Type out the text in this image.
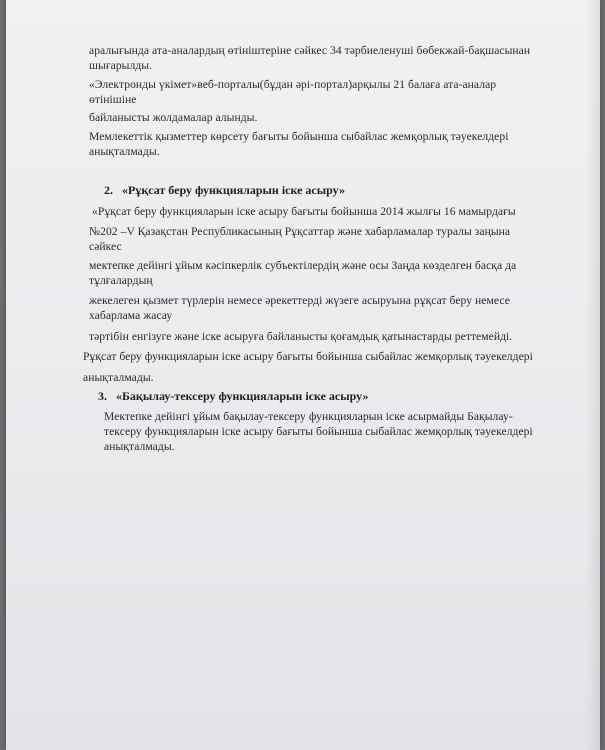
аралығында ата-аналардың өтініштеріне сәйкес 34 тәрбиеленуші бөбекжай-бақшасынан
шығарылды.
«Электронды үкімет»веб-порталы(бұдан әрі-портал)арқылы 21 балаға ата-аналар
өтінішіне
байланысты жолдамалар алынды.
Мемлекеттік қызметтер көрсету бағыты бойынша сыбайлас жемқорлық тәуекелдері
анықталмады.
2. «Рұқсат беру функцияларын іске асыру»
«Рұқсат беру функцияларын іске асыру бағыты бойынша 2014 жылғы 16 мамырдағы
№202 –V Қазақстан Республикасының Рұқсаттар және хабарламалар туралы заңына
сәйкес
мектепке дейінгі ұйым кәсіпкерлік субъектілердің және осы Заңда көзделген басқа да
тұлғалардың
жекелеген қызмет түрлерін немесе әрекеттерді жүзеге асыруына рұқсат беру немесе
хабарлама жасау
тәртібін енгізуге және іске асыруға байланысты қоғамдық қатынастарды реттемейді.
Рұқсат беру функцияларын іске асыру бағыты бойынша сыбайлас жемқорлық тәуекелдері
анықталмады.
3. «Бақылау-тексеру функцияларын іске асыру»
Мектепке дейінгі ұйым бақылау-тексеру функцияларын іске асырмайды Бақылау-
тексеру функцияларын іске асыру бағыты бойынша сыбайлас жемқорлық тәуекелдері
анықталмады.
